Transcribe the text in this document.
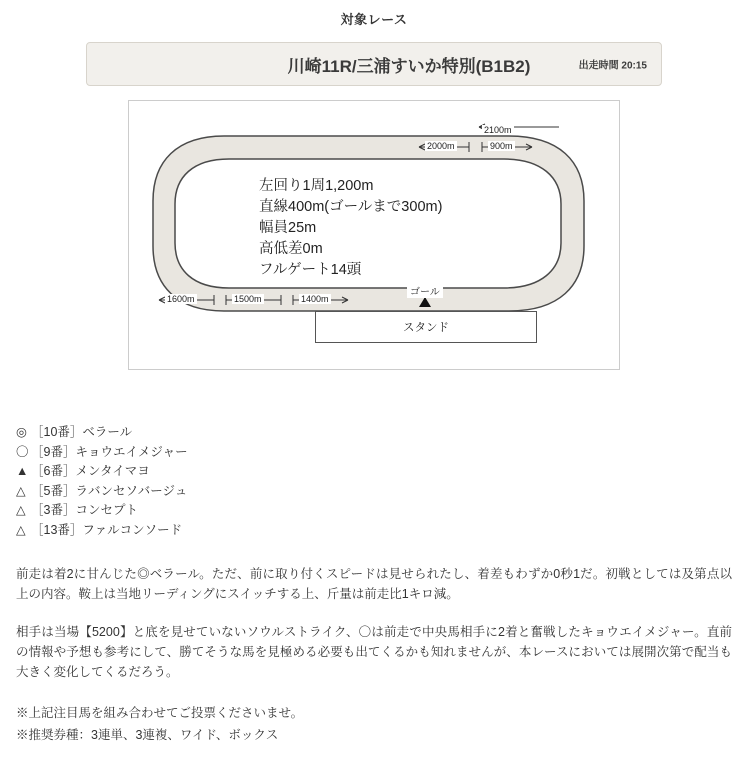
対象レース
川崎11R/三浦すいか特別(B1B2)	出走時間 20:15
左回り1周1,200m
直線400m(ゴールまで300m)
幅員25m
高低差0m
フルゲート14頭
2100m
2000m	900m
1600m	1500m	1400m
ゴール
スタンド
◎ ［10番］ベラール
〇 ［9番］キョウエイメジャー
▲ ［6番］メンタイマヨ
△ ［5番］ラバンセソバージュ
△ ［3番］コンセプト
△ ［13番］ファルコンソード

前走は着2に甘んじた◎ベラール。ただ、前に取り付くスピードは見せられたし、着差もわずか0秒1だ。初戦としては及第点以上の内容。鞍上は当地リーディングにスイッチする上、斤量は前走比1キロ減。

相手は当場【5200】と底を見せていないソウルストライク、〇は前走で中央馬相手に2着と奮戦したキョウエイメジャー。直前の情報や予想も参考にして、勝てそうな馬を見極める必要も出てくるかも知れませんが、本レースにおいては展開次第で配当も大きく変化してくるだろう。

※上記注目馬を組み合わせてご投票くださいませ。

※推奨券種：3連単、3連複、ワイド、ボックス
